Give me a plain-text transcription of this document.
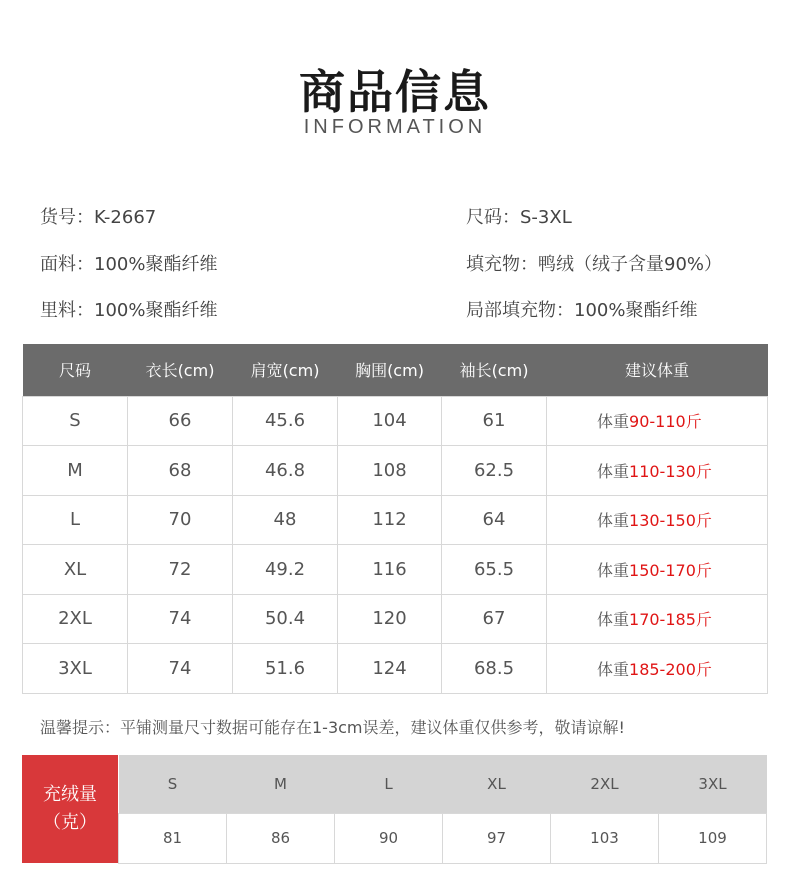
商品信息
INFORMATION
货号：K-2667	尺码：S-3XL
面料：100%聚酯纤维	填充物：鸭绒（绒子含量90%）
里料：100%聚酯纤维	局部填充物：100%聚酯纤维
尺码	衣长(cm)	肩宽(cm)	胸围(cm)	袖长(cm)	建议体重
S	66	45.6	104	61	体重90-110斤
M	68	46.8	108	62.5	体重110-130斤
L	70	48	112	64	体重130-150斤
XL	72	49.2	116	65.5	体重150-170斤
2XL	74	50.4	120	67	体重170-185斤
3XL	74	51.6	124	68.5	体重185-200斤
温馨提示：平铺测量尺寸数据可能存在1-3cm误差，建议体重仅供参考，敬请谅解!
充绒量
（克）
S	M	L	XL	2XL	3XL
81	86	90	97	103	109
